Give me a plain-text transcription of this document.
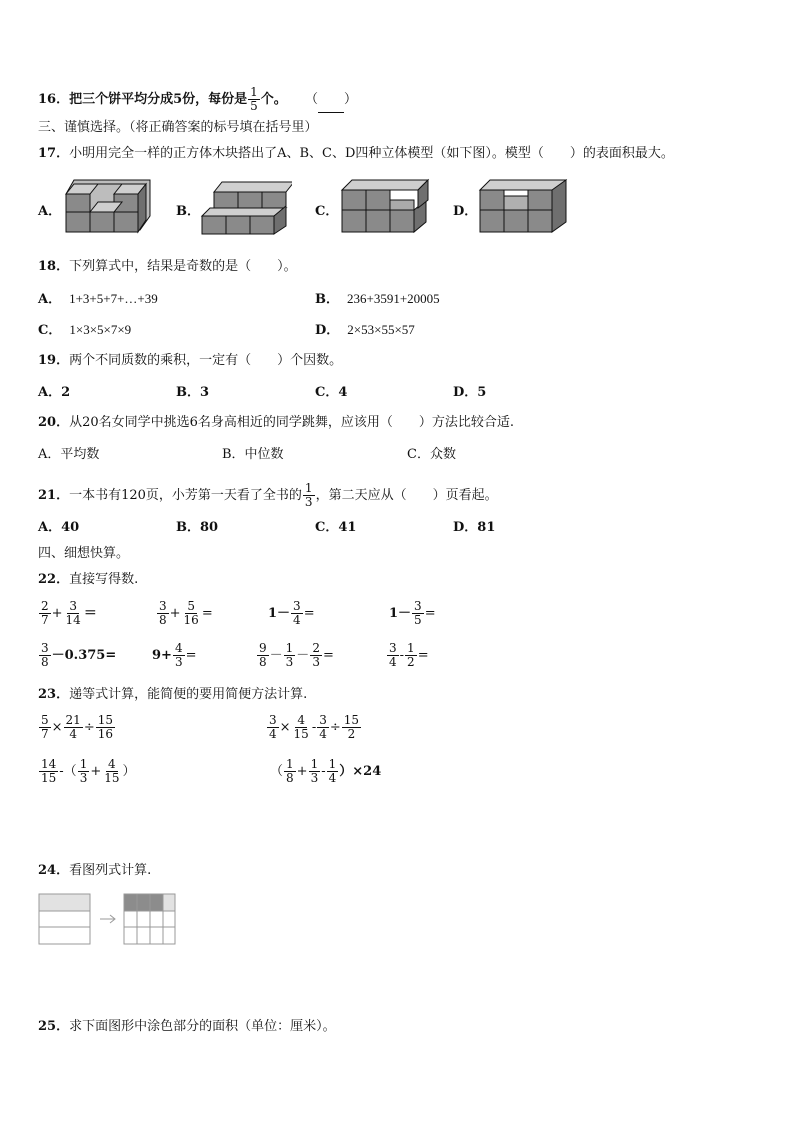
16．把三个饼平均分成5份，每份是 $\frac{1}{5}$ 个。 （ ）
三、谨慎选择。（将正确答案的标号填在括号里）
17．小明用完全一样的正方体木块搭出了A、B、C、D四种立体模型（如下图）。模型（　　）的表面积最大。
A．	B．	C．	D．
18．下列算式中，结果是奇数的是（　　）。
A． 1+3+5+7+…+39	B． 236+3591+20005
C． 1×3×5×7×9	D． 2×53×55×57
19．两个不同质数的乘积，一定有（　　）个因数。
A．2	B．3	C．4	D．5
20．从20名女同学中挑选6名身高相近的同学跳舞，应该用（　　）方法比较合适.
A．平均数	B．中位数	C．众数
21．一本书有120页，小芳第一天看了全书的 $\frac{1}{3}$ ，第二天应从（　　）页看起。
A．40	B．80	C．41	D．81
四、细想快算。
22．直接写得数.
$\frac{2}{7} + \frac{3}{14}$ ＝	$\frac{3}{8} + \frac{5}{16}$ =	$1- \frac{3}{4}$ =	$1- \frac{3}{5}$ =
$\frac{3}{8} -0.375=$	$9+ \frac{4}{3}$ =	$\frac{9}{8} - \frac{1}{3} - \frac{2}{3}$ =	$\frac{3}{4} - \frac{1}{2}$ =
23．递等式计算，能简便的要用简便方法计算.
$\frac{5}{7} \times \frac{21}{4} \div \frac{15}{16}$	$\frac{3}{4} \times \frac{4}{15} - \frac{3}{4} \div \frac{15}{2}$
$\frac{14}{15}$ -（ $\frac{1}{3} + \frac{4}{15}$ ）	（ $\frac{1}{8} + \frac{1}{3} - \frac{1}{4} )\times 24$
24．看图列式计算.
25．求下面图形中涂色部分的面积（单位：厘米）。
